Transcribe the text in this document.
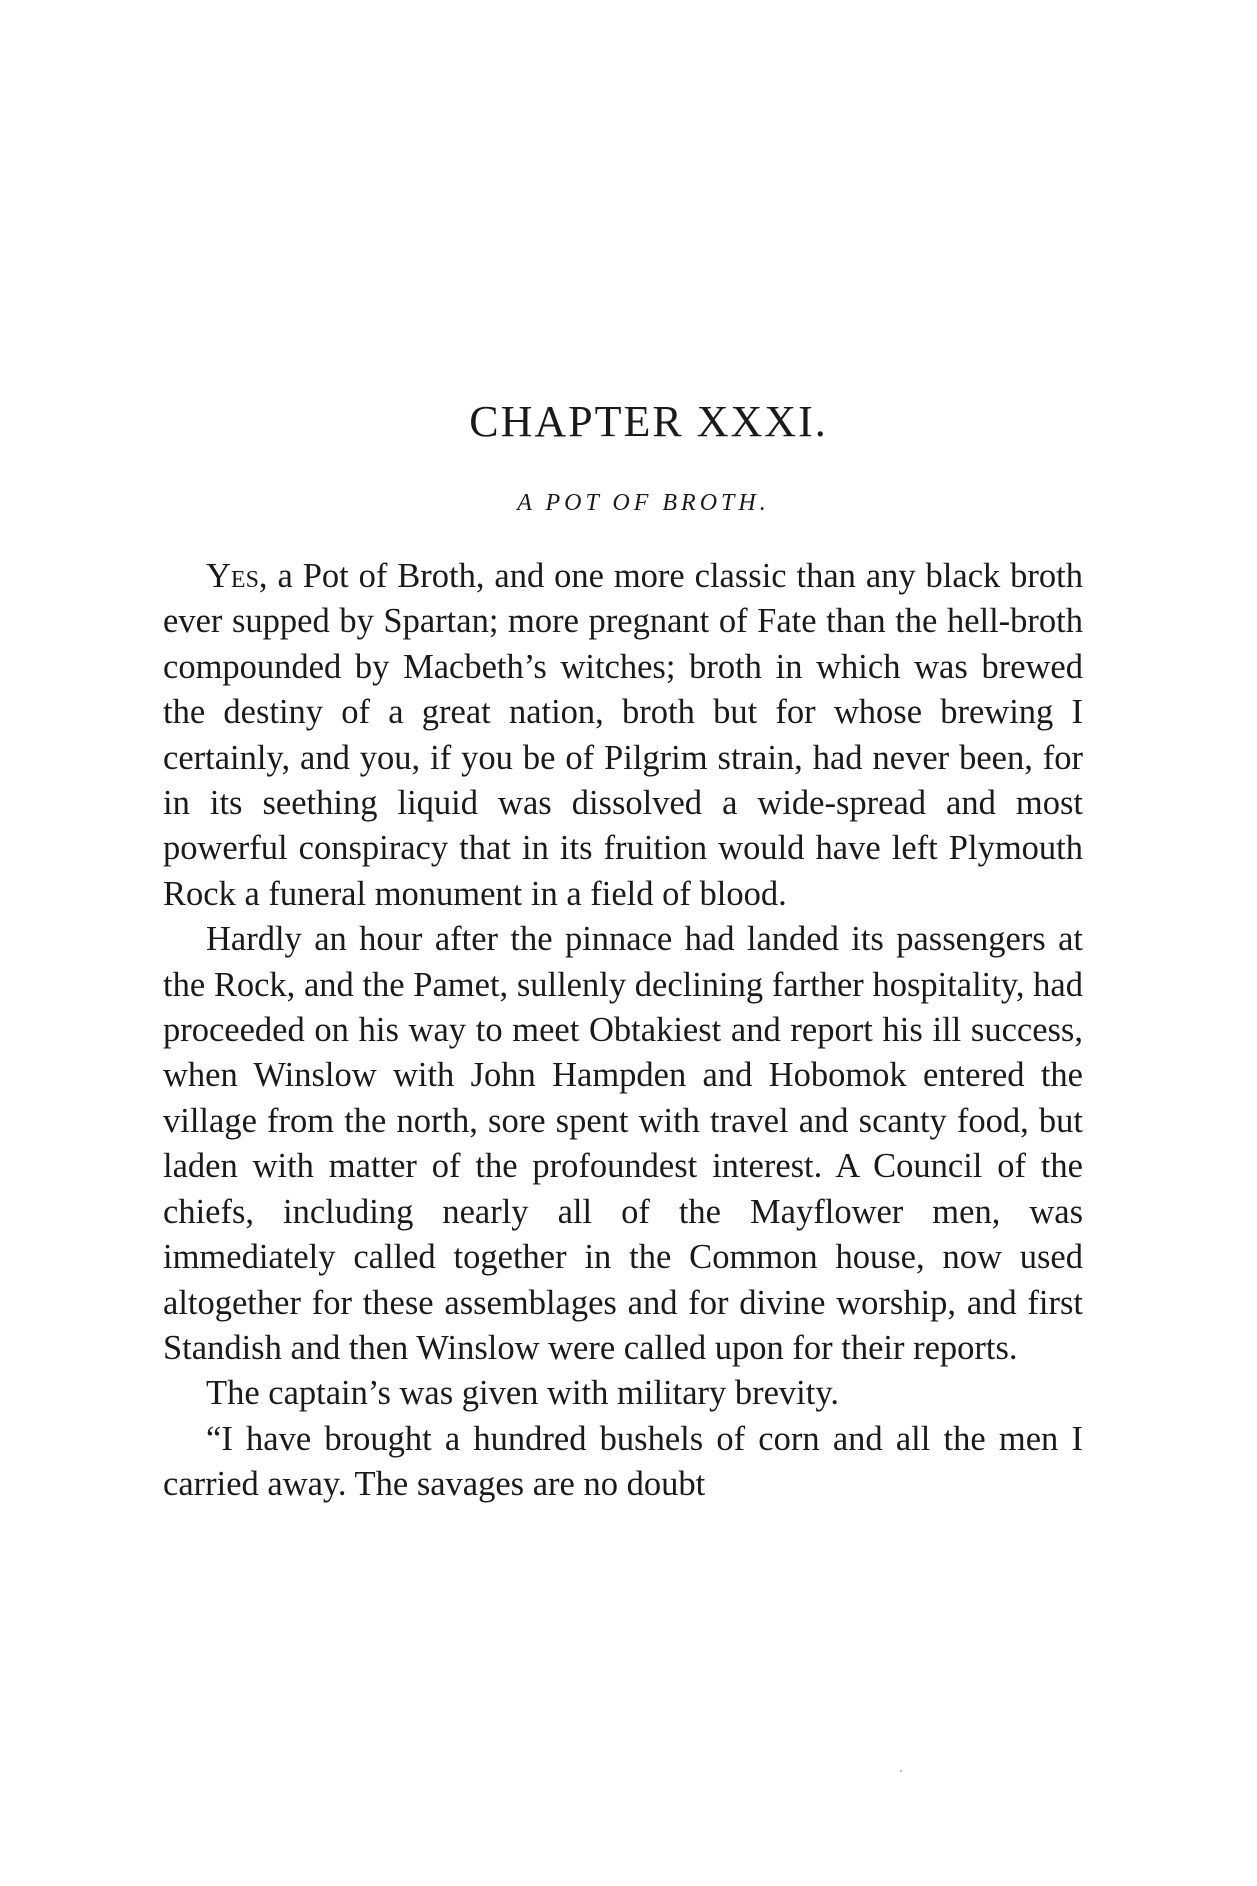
CHAPTER XXXI.
A POT OF BROTH.

Yes, a Pot of Broth, and one more classic than any black broth ever supped by Spartan; more pregnant of Fate than the hell-broth compounded by Macbeth’s witches; broth in which was brewed the destiny of a great nation, broth but for whose brewing I certainly, and you, if you be of Pilgrim strain, had never been, for in its seething liquid was dissolved a wide-spread and most powerful conspiracy that in its fruition would have left Plymouth Rock a funeral monument in a field of blood.

Hardly an hour after the pinnace had landed its passengers at the Rock, and the Pamet, sullenly declining farther hospitality, had proceeded on his way to meet Obtakiest and report his ill success, when Winslow with John Hampden and Hobomok entered the village from the north, sore spent with travel and scanty food, but laden with matter of the profoundest interest. A Council of the chiefs, including nearly all of the Mayflower men, was immediately called together in the Common house, now used altogether for these assemblages and for divine worship, and first Standish and then Winslow were called upon for their reports.

The captain’s was given with military brevity.

“I have brought a hundred bushels of corn and all the men I carried away. The savages are no doubt
